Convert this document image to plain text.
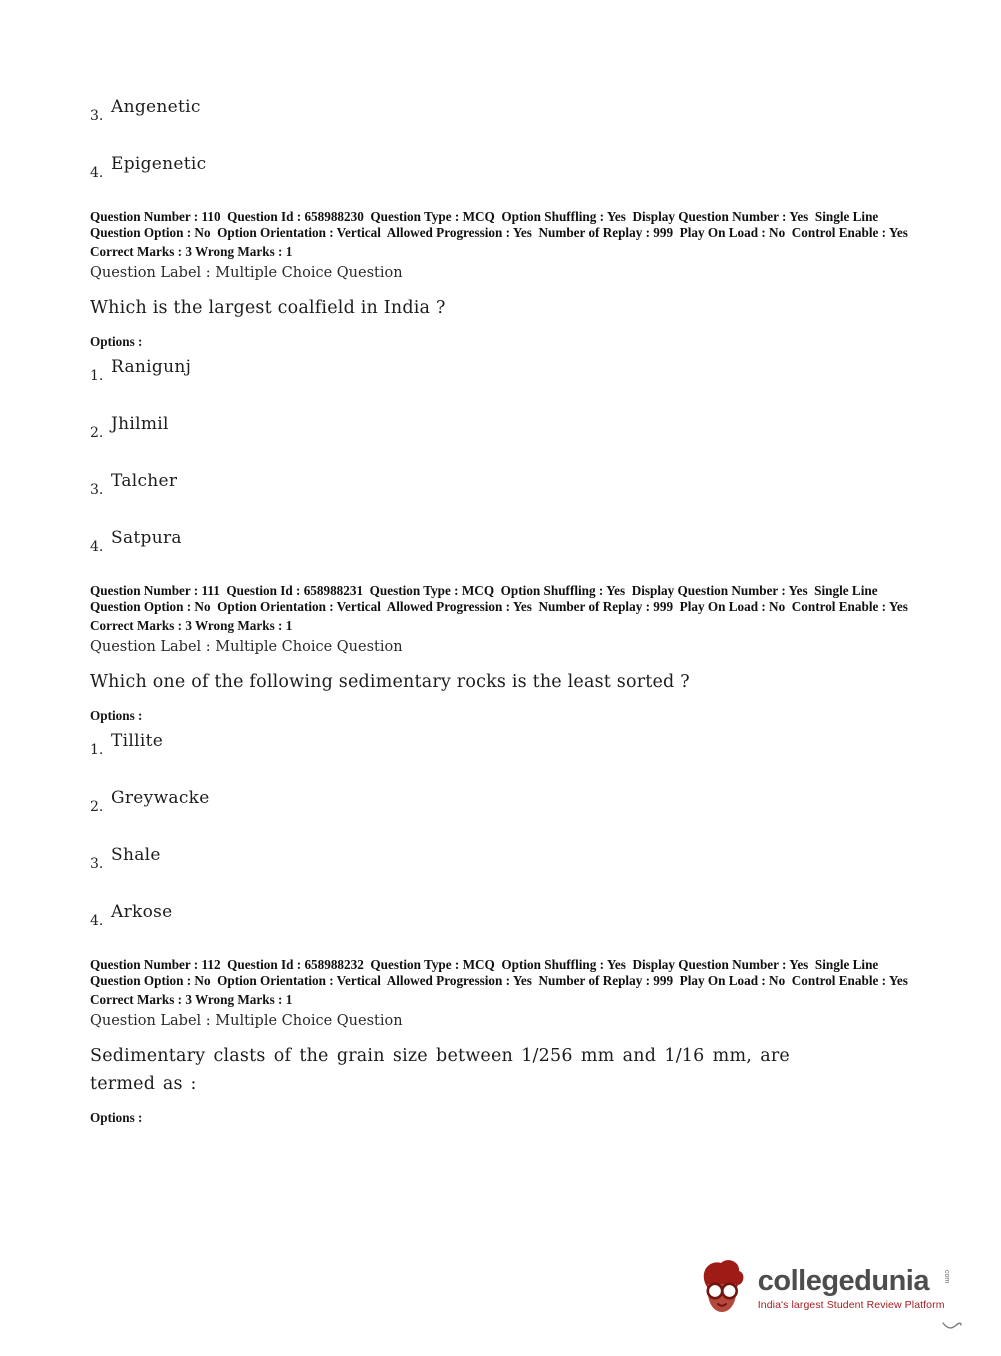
3. Angenetic
4. Epigenetic

Question Number : 110  Question Id : 658988230  Question Type : MCQ  Option Shuffling : Yes  Display Question Number : Yes  Single Line Question Option : No  Option Orientation : Vertical  Allowed Progression : Yes  Number of Replay : 999  Play On Load : No  Control Enable : Yes

Correct Marks : 3 Wrong Marks : 1

Question Label : Multiple Choice Question

Which is the largest coalfield in India ?

Options :

1. Ranigunj
2. Jhilmil
3. Talcher
4. Satpura

Question Number : 111  Question Id : 658988231  Question Type : MCQ  Option Shuffling : Yes  Display Question Number : Yes  Single Line Question Option : No  Option Orientation : Vertical  Allowed Progression : Yes  Number of Replay : 999  Play On Load : No  Control Enable : Yes

Correct Marks : 3 Wrong Marks : 1

Question Label : Multiple Choice Question

Which one of the following sedimentary rocks is the least sorted ?

Options :

1. Tillite
2. Greywacke
3. Shale
4. Arkose

Question Number : 112  Question Id : 658988232  Question Type : MCQ  Option Shuffling : Yes  Display Question Number : Yes  Single Line Question Option : No  Option Orientation : Vertical  Allowed Progression : Yes  Number of Replay : 999  Play On Load : No  Control Enable : Yes

Correct Marks : 3 Wrong Marks : 1

Question Label : Multiple Choice Question

Sedimentary clasts of the grain size between 1/256 mm and 1/16 mm, are termed as :

Options :

collegedunia	com
India's largest Student Review Platform
